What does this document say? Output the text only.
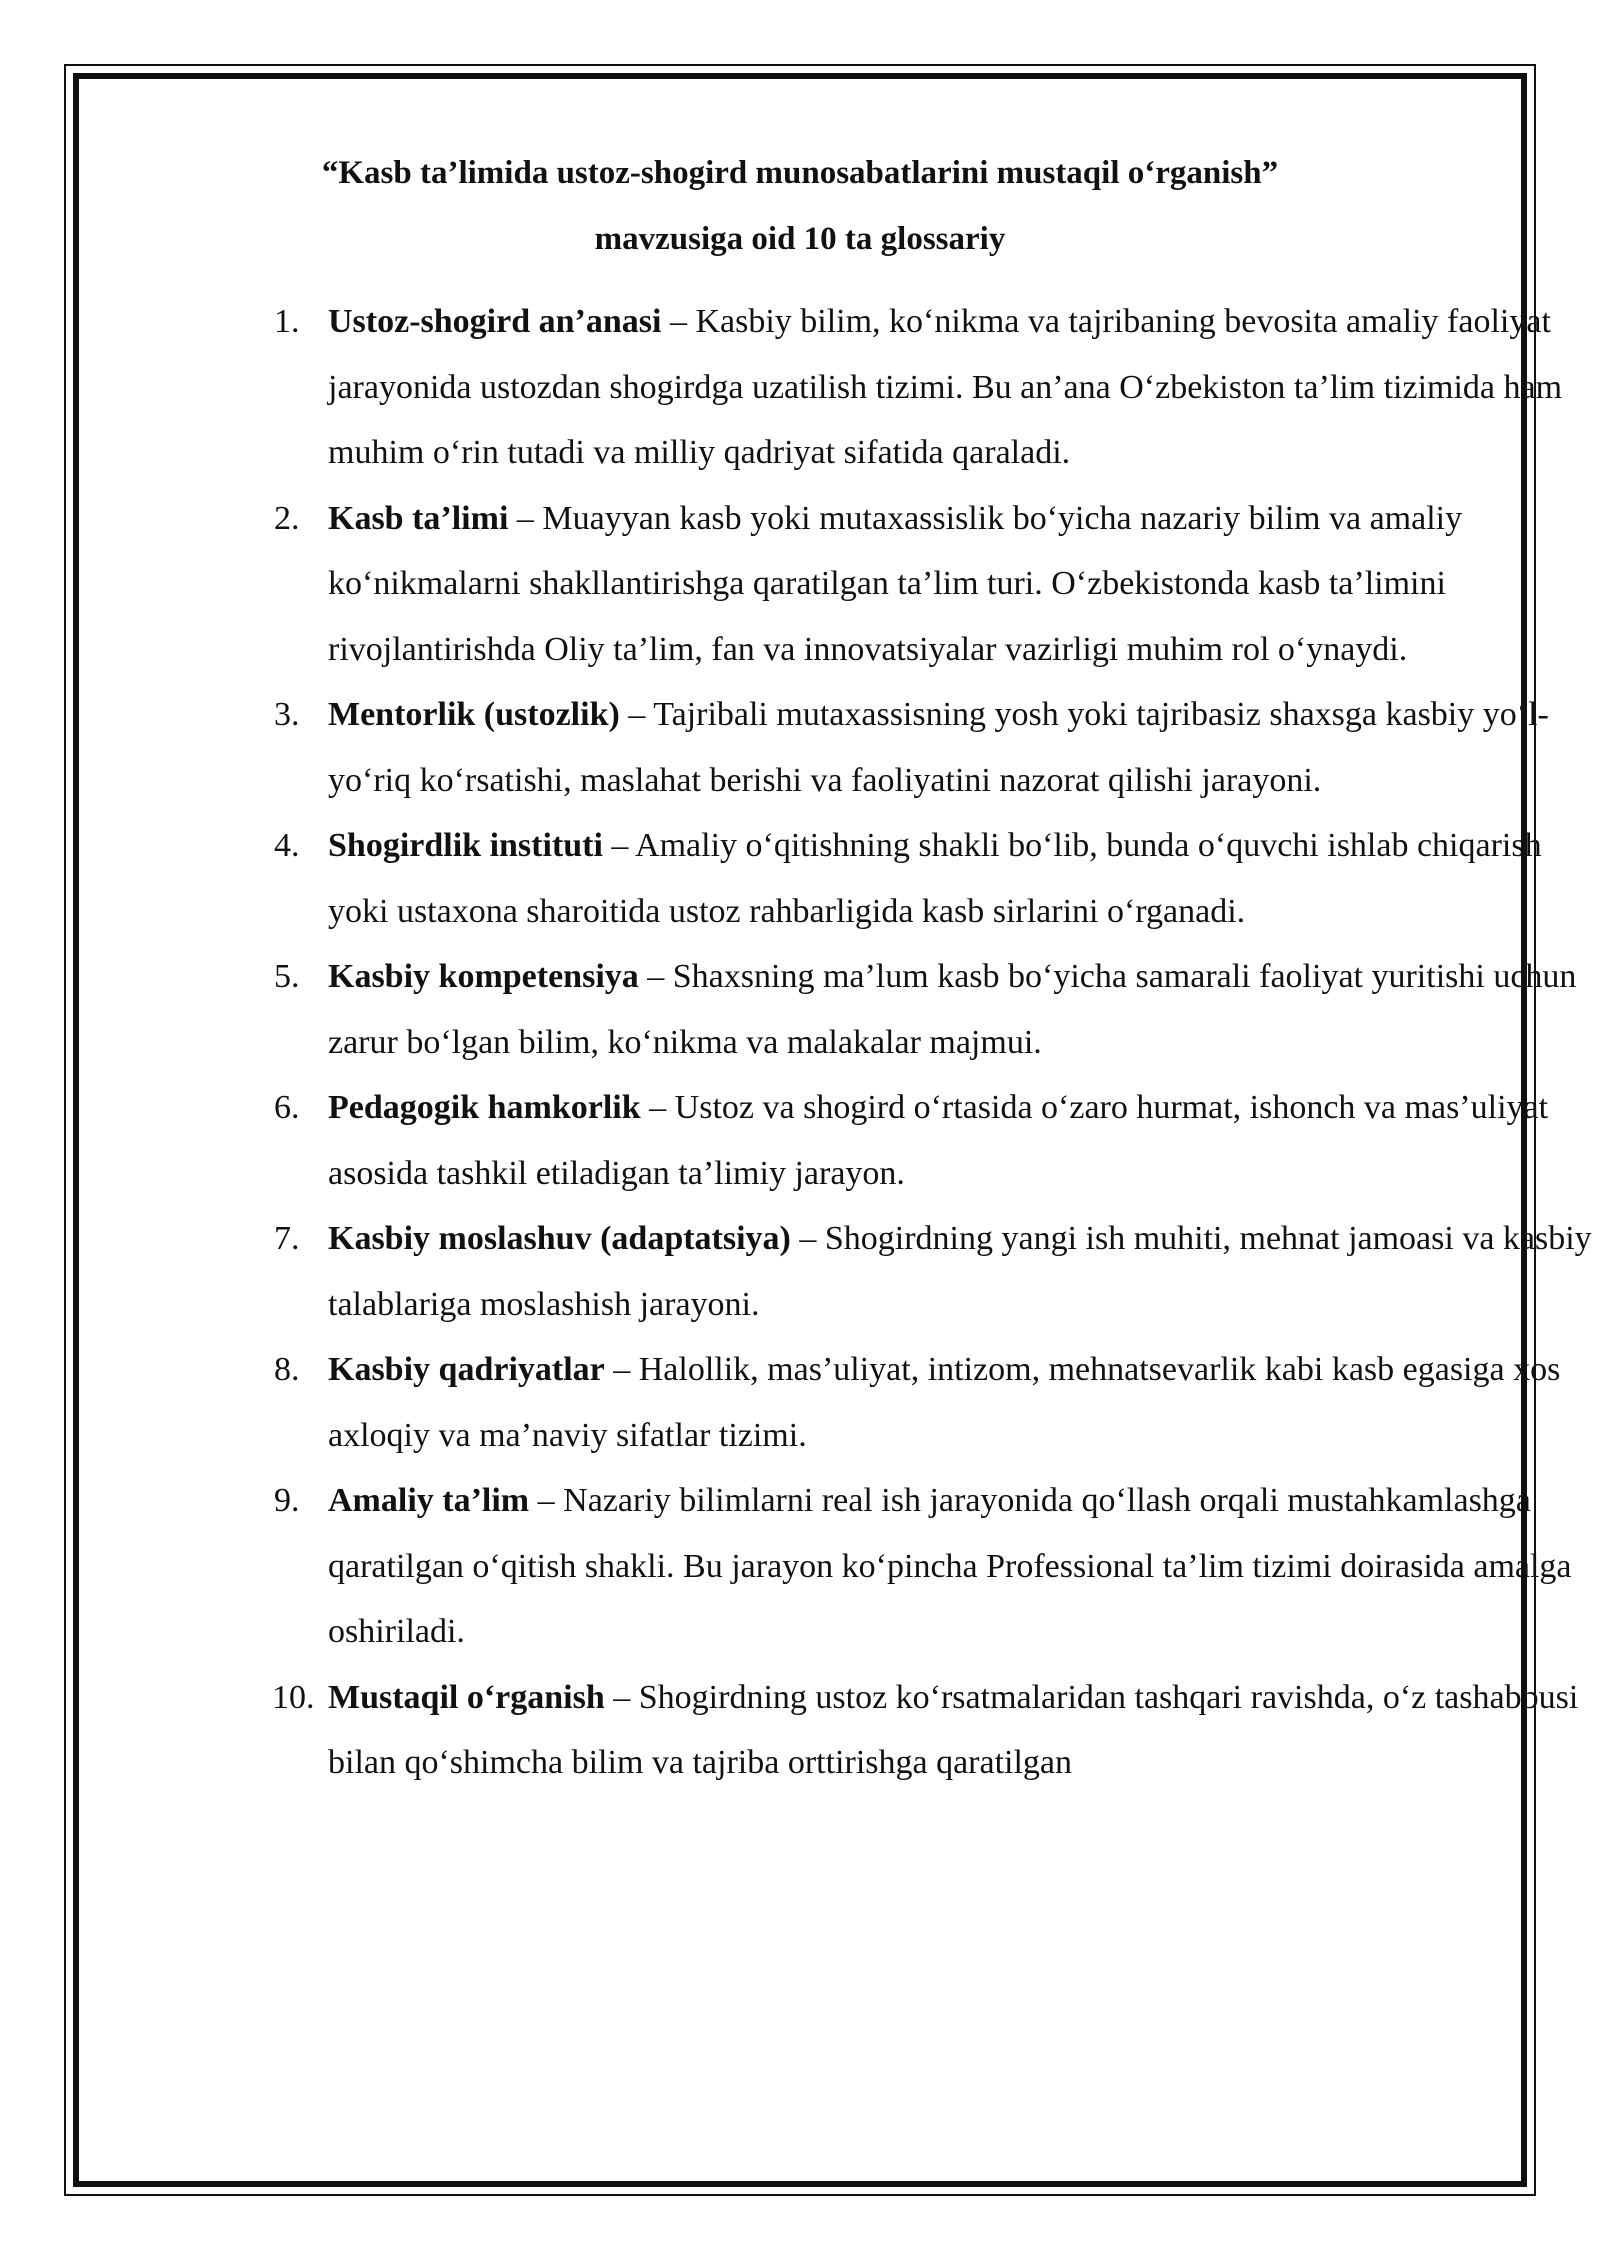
“Kasb ta’limida ustoz-shogird munosabatlarini mustaqil o‘rganish”
mavzusiga oid 10 ta glossariy
1. Ustoz-shogird an’anasi – Kasbiy bilim, ko‘nikma va tajribaning bevosita amaliy faoliyat jarayonida ustozdan shogirdga uzatilish tizimi. Bu an’ana O‘zbekiston ta’lim tizimida ham muhim o‘rin tutadi va milliy qadriyat sifatida qaraladi.
2. Kasb ta’limi – Muayyan kasb yoki mutaxassislik bo‘yicha nazariy bilim va amaliy ko‘nikmalarni shakllantirishga qaratilgan ta’lim turi. O‘zbekistonda kasb ta’limini rivojlantirishda Oliy ta’lim, fan va innovatsiyalar vazirligi muhim rol o‘ynaydi.
3. Mentorlik (ustozlik) – Tajribali mutaxassisning yosh yoki tajribasiz shaxsga kasbiy yo‘l-yo‘riq ko‘rsatishi, maslahat berishi va faoliyatini nazorat qilishi jarayoni.
4. Shogirdlik instituti – Amaliy o‘qitishning shakli bo‘lib, bunda o‘quvchi ishlab chiqarish yoki ustaxona sharoitida ustoz rahbarligida kasb sirlarini o‘rganadi.
5. Kasbiy kompetensiya – Shaxsning ma’lum kasb bo‘yicha samarali faoliyat yuritishi uchun zarur bo‘lgan bilim, ko‘nikma va malakalar majmui.
6. Pedagogik hamkorlik – Ustoz va shogird o‘rtasida o‘zaro hurmat, ishonch va mas’uliyat asosida tashkil etiladigan ta’limiy jarayon.
7. Kasbiy moslashuv (adaptatsiya) – Shogirdning yangi ish muhiti, mehnat jamoasi va kasbiy talablariga moslashish jarayoni.
8. Kasbiy qadriyatlar – Halollik, mas’uliyat, intizom, mehnatsevarlik kabi kasb egasiga xos axloqiy va ma’naviy sifatlar tizimi.
9. Amaliy ta’lim – Nazariy bilimlarni real ish jarayonida qo‘llash orqali mustahkamlashga qaratilgan o‘qitish shakli. Bu jarayon ko‘pincha Professional ta’lim tizimi doirasida amalga oshiriladi.
10. Mustaqil o‘rganish – Shogirdning ustoz ko‘rsatmalaridan tashqari ravishda, o‘z tashabbusi bilan qo‘shimcha bilim va tajriba orttirishga qaratilgan
